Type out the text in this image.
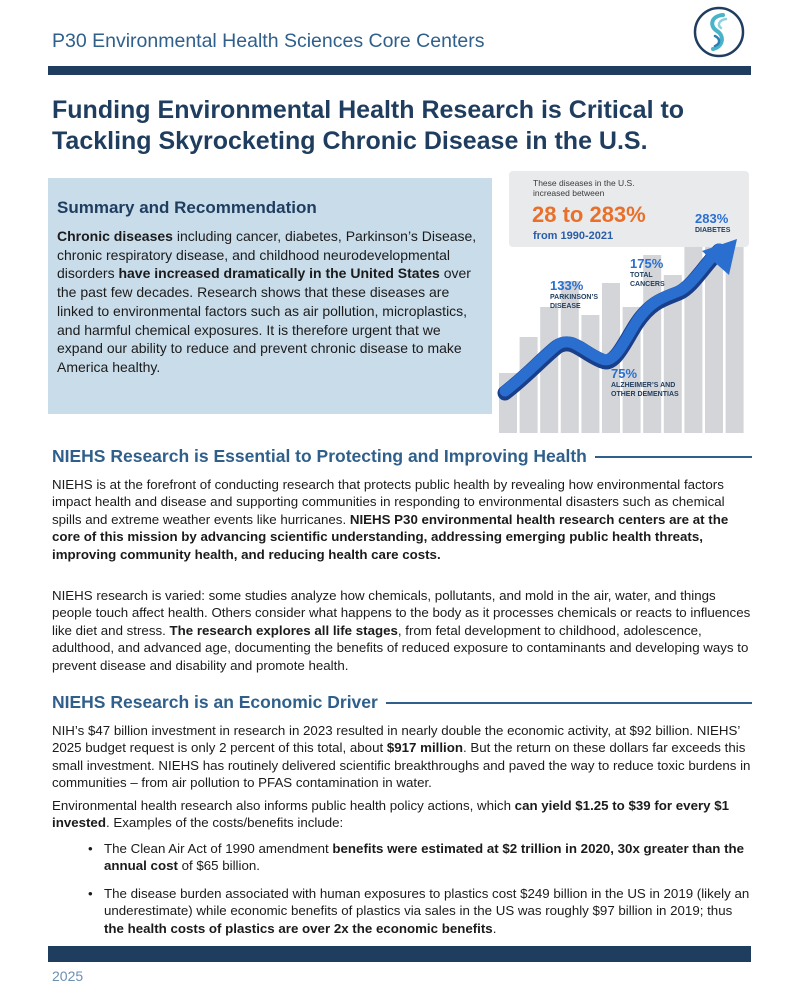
P30 Environmental Health Sciences Core Centers
Funding Environmental Health Research is Critical to Tackling Skyrocketing Chronic Disease in the U.S.
Summary and Recommendation

Chronic diseases including cancer, diabetes, Parkinson’s Disease, chronic respiratory disease, and childhood neurodevelopmental disorders have increased dramatically in the United States over the past few decades. Research shows that these diseases are linked to environmental factors such as air pollution, microplastics, and harmful chemical exposures. It is therefore urgent that we expand our ability to reduce and prevent chronic disease to make America healthy.

These diseases in the U.S.
increased between
28 to 283%
from 1990-2021
133%
PARKINSON’S
DISEASE
75%
ALZHEIMER’S AND
OTHER DEMENTIAS
175%
TOTAL
CANCERS
283%
DIABETES
NIEHS Research is Essential to Protecting and Improving Health

NIEHS is at the forefront of conducting research that protects public health by revealing how environmental factors impact health and disease and supporting communities in responding to environmental disasters such as chemical spills and extreme weather events like hurricanes. NIEHS P30 environmental health research centers are at the core of this mission by advancing scientific understanding, addressing emerging public health threats, improving community health, and reducing health care costs.

NIEHS research is varied: some studies analyze how chemicals, pollutants, and mold in the air, water, and things people touch affect health. Others consider what happens to the body as it processes chemicals or reacts to influences like diet and stress. The research explores all life stages, from fetal development to childhood, adolescence, adulthood, and advanced age, documenting the benefits of reduced exposure to contaminants and developing ways to prevent disease and disability and promote health.

NIEHS Research is an Economic Driver

NIH’s $47 billion investment in research in 2023 resulted in nearly double the economic activity, at $92 billion. NIEHS’ 2025 budget request is only 2 percent of this total, about $917 million. But the return on these dollars far exceeds this small investment. NIEHS has routinely delivered scientific breakthroughs and paved the way to reduce toxic burdens in communities – from air pollution to PFAS contamination in water.

Environmental health research also informs public health policy actions, which can yield $1.25 to $39 for every $1 invested. Examples of the costs/benefits include:

• The Clean Air Act of 1990 amendment benefits were estimated at $2 trillion in 2020, 30x greater than the annual cost of $65 billion.
• The disease burden associated with human exposures to plastics cost $249 billion in the US in 2019 (likely an underestimate) while economic benefits of plastics via sales in the US was roughly $97 billion in 2019; thus the health costs of plastics are over 2x the economic benefits.
2025
